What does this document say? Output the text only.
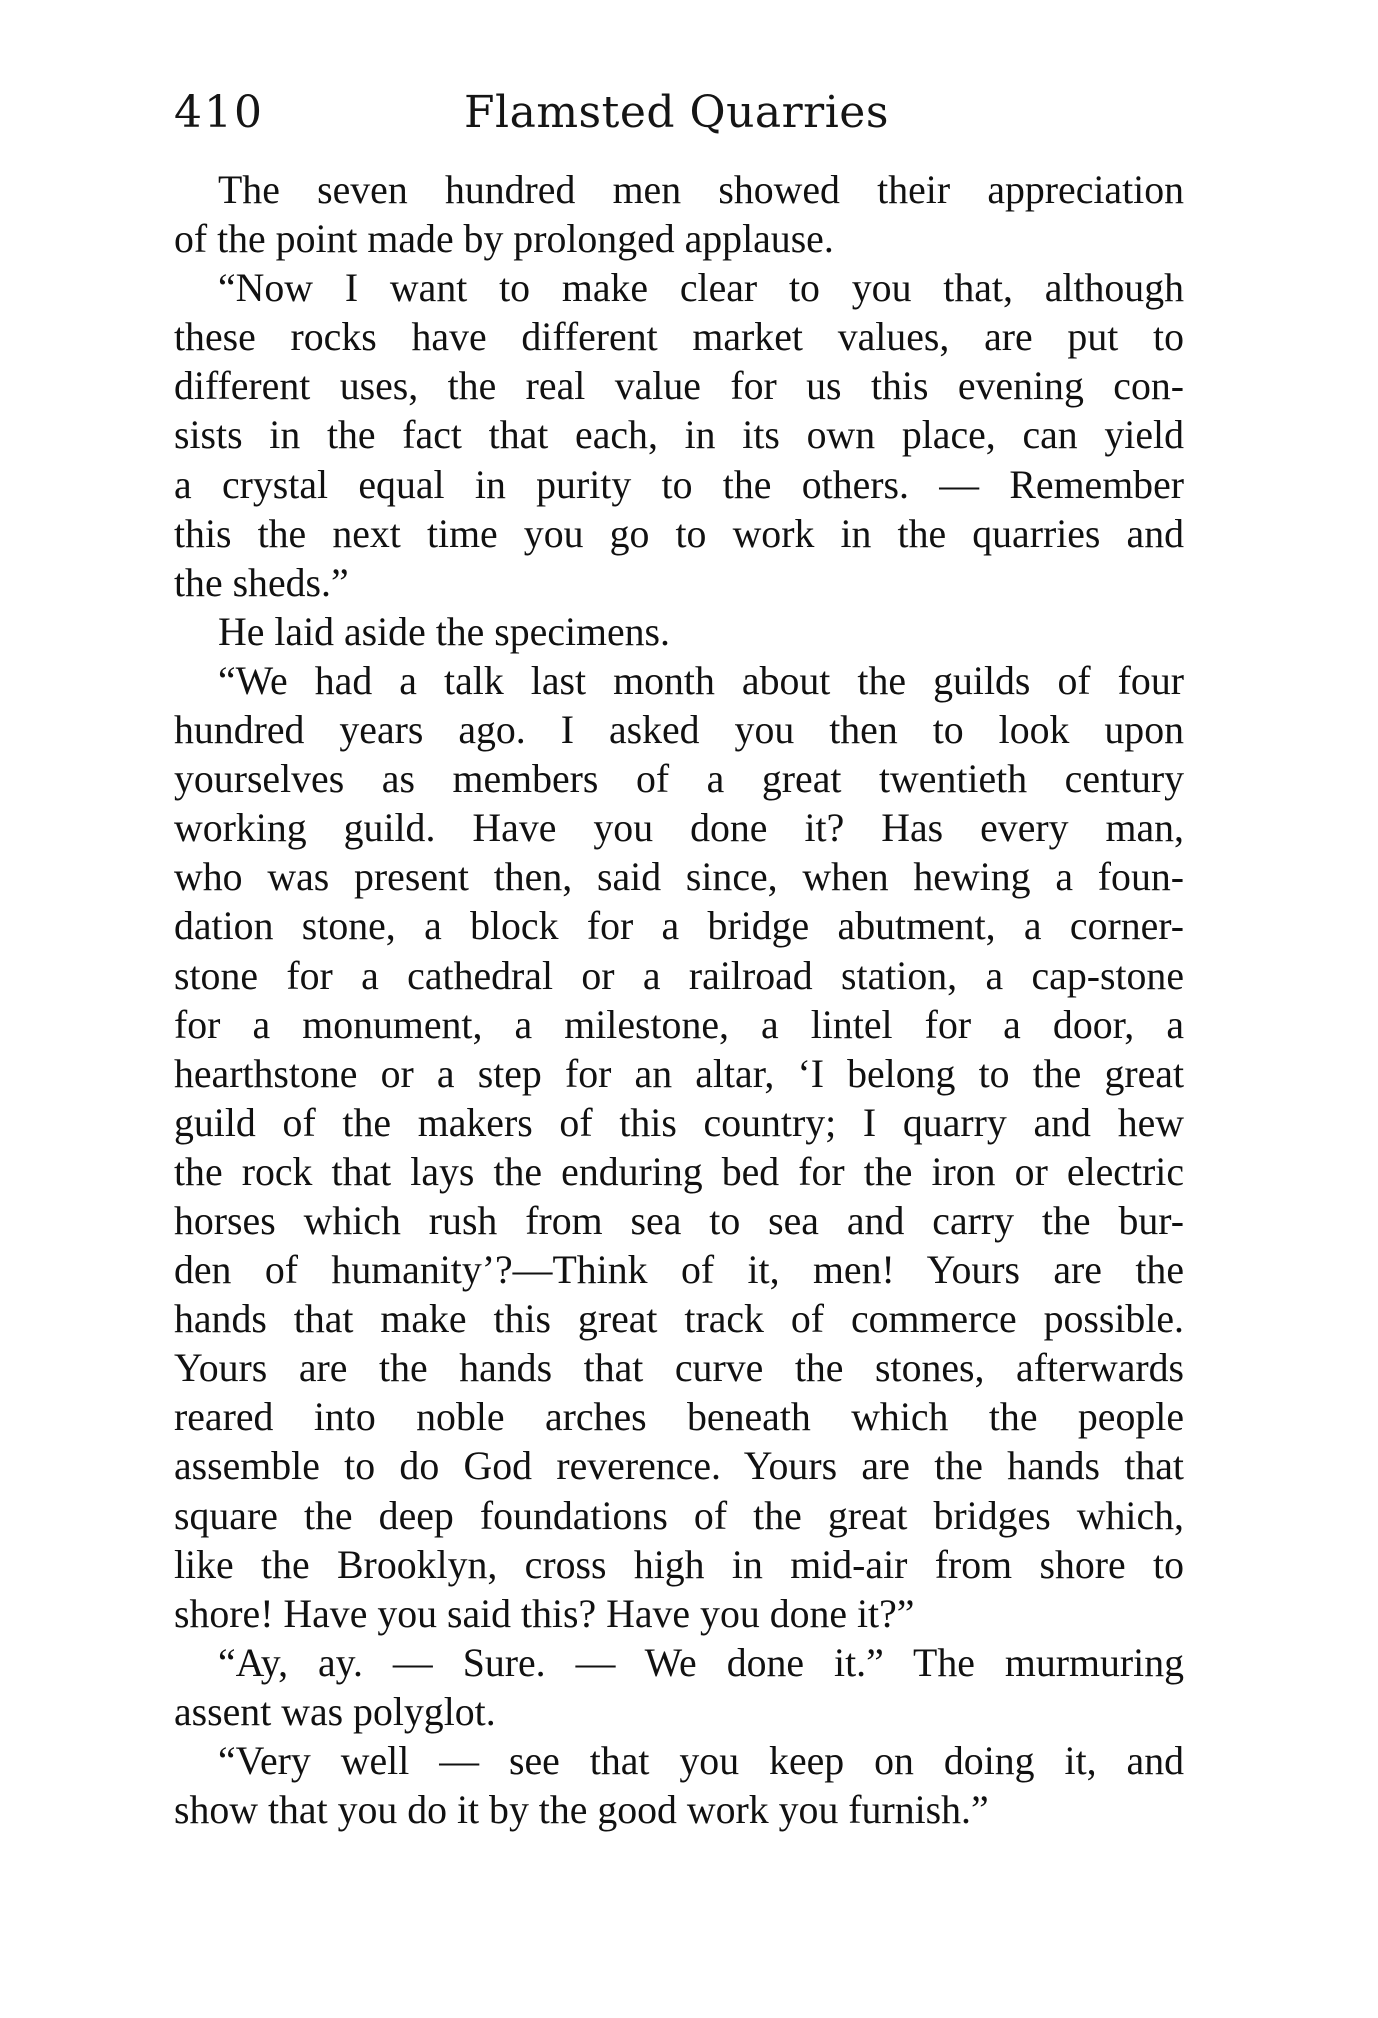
410	Flamsted Quarries

The seven hundred men showed their appreciation
of the point made by prolonged applause.

“Now I want to make clear to you that, although
these rocks have different market values, are put to
different uses, the real value for us this evening con-
sists in the fact that each, in its own place, can yield
a crystal equal in purity to the others. — Remember
this the next time you go to work in the quarries and
the sheds.”

He laid aside the specimens.

“We had a talk last month about the guilds of four
hundred years ago. I asked you then to look upon
yourselves as members of a great twentieth century
working guild. Have you done it? Has every man,
who was present then, said since, when hewing a foun-
dation stone, a block for a bridge abutment, a corner-
stone for a cathedral or a railroad station, a cap-stone
for a monument, a milestone, a lintel for a door, a
hearthstone or a step for an altar, ‘I belong to the great
guild of the makers of this country; I quarry and hew
the rock that lays the enduring bed for the iron or electric
horses which rush from sea to sea and carry the bur-
den of humanity’?—Think of it, men! Yours are the
hands that make this great track of commerce possible.
Yours are the hands that curve the stones, afterwards
reared into noble arches beneath which the people
assemble to do God reverence. Yours are the hands that
square the deep foundations of the great bridges which,
like the Brooklyn, cross high in mid-air from shore to
shore! Have you said this? Have you done it?”

“Ay, ay. — Sure. — We done it.” The murmuring
assent was polyglot.

“Very well — see that you keep on doing it, and
show that you do it by the good work you furnish.”
